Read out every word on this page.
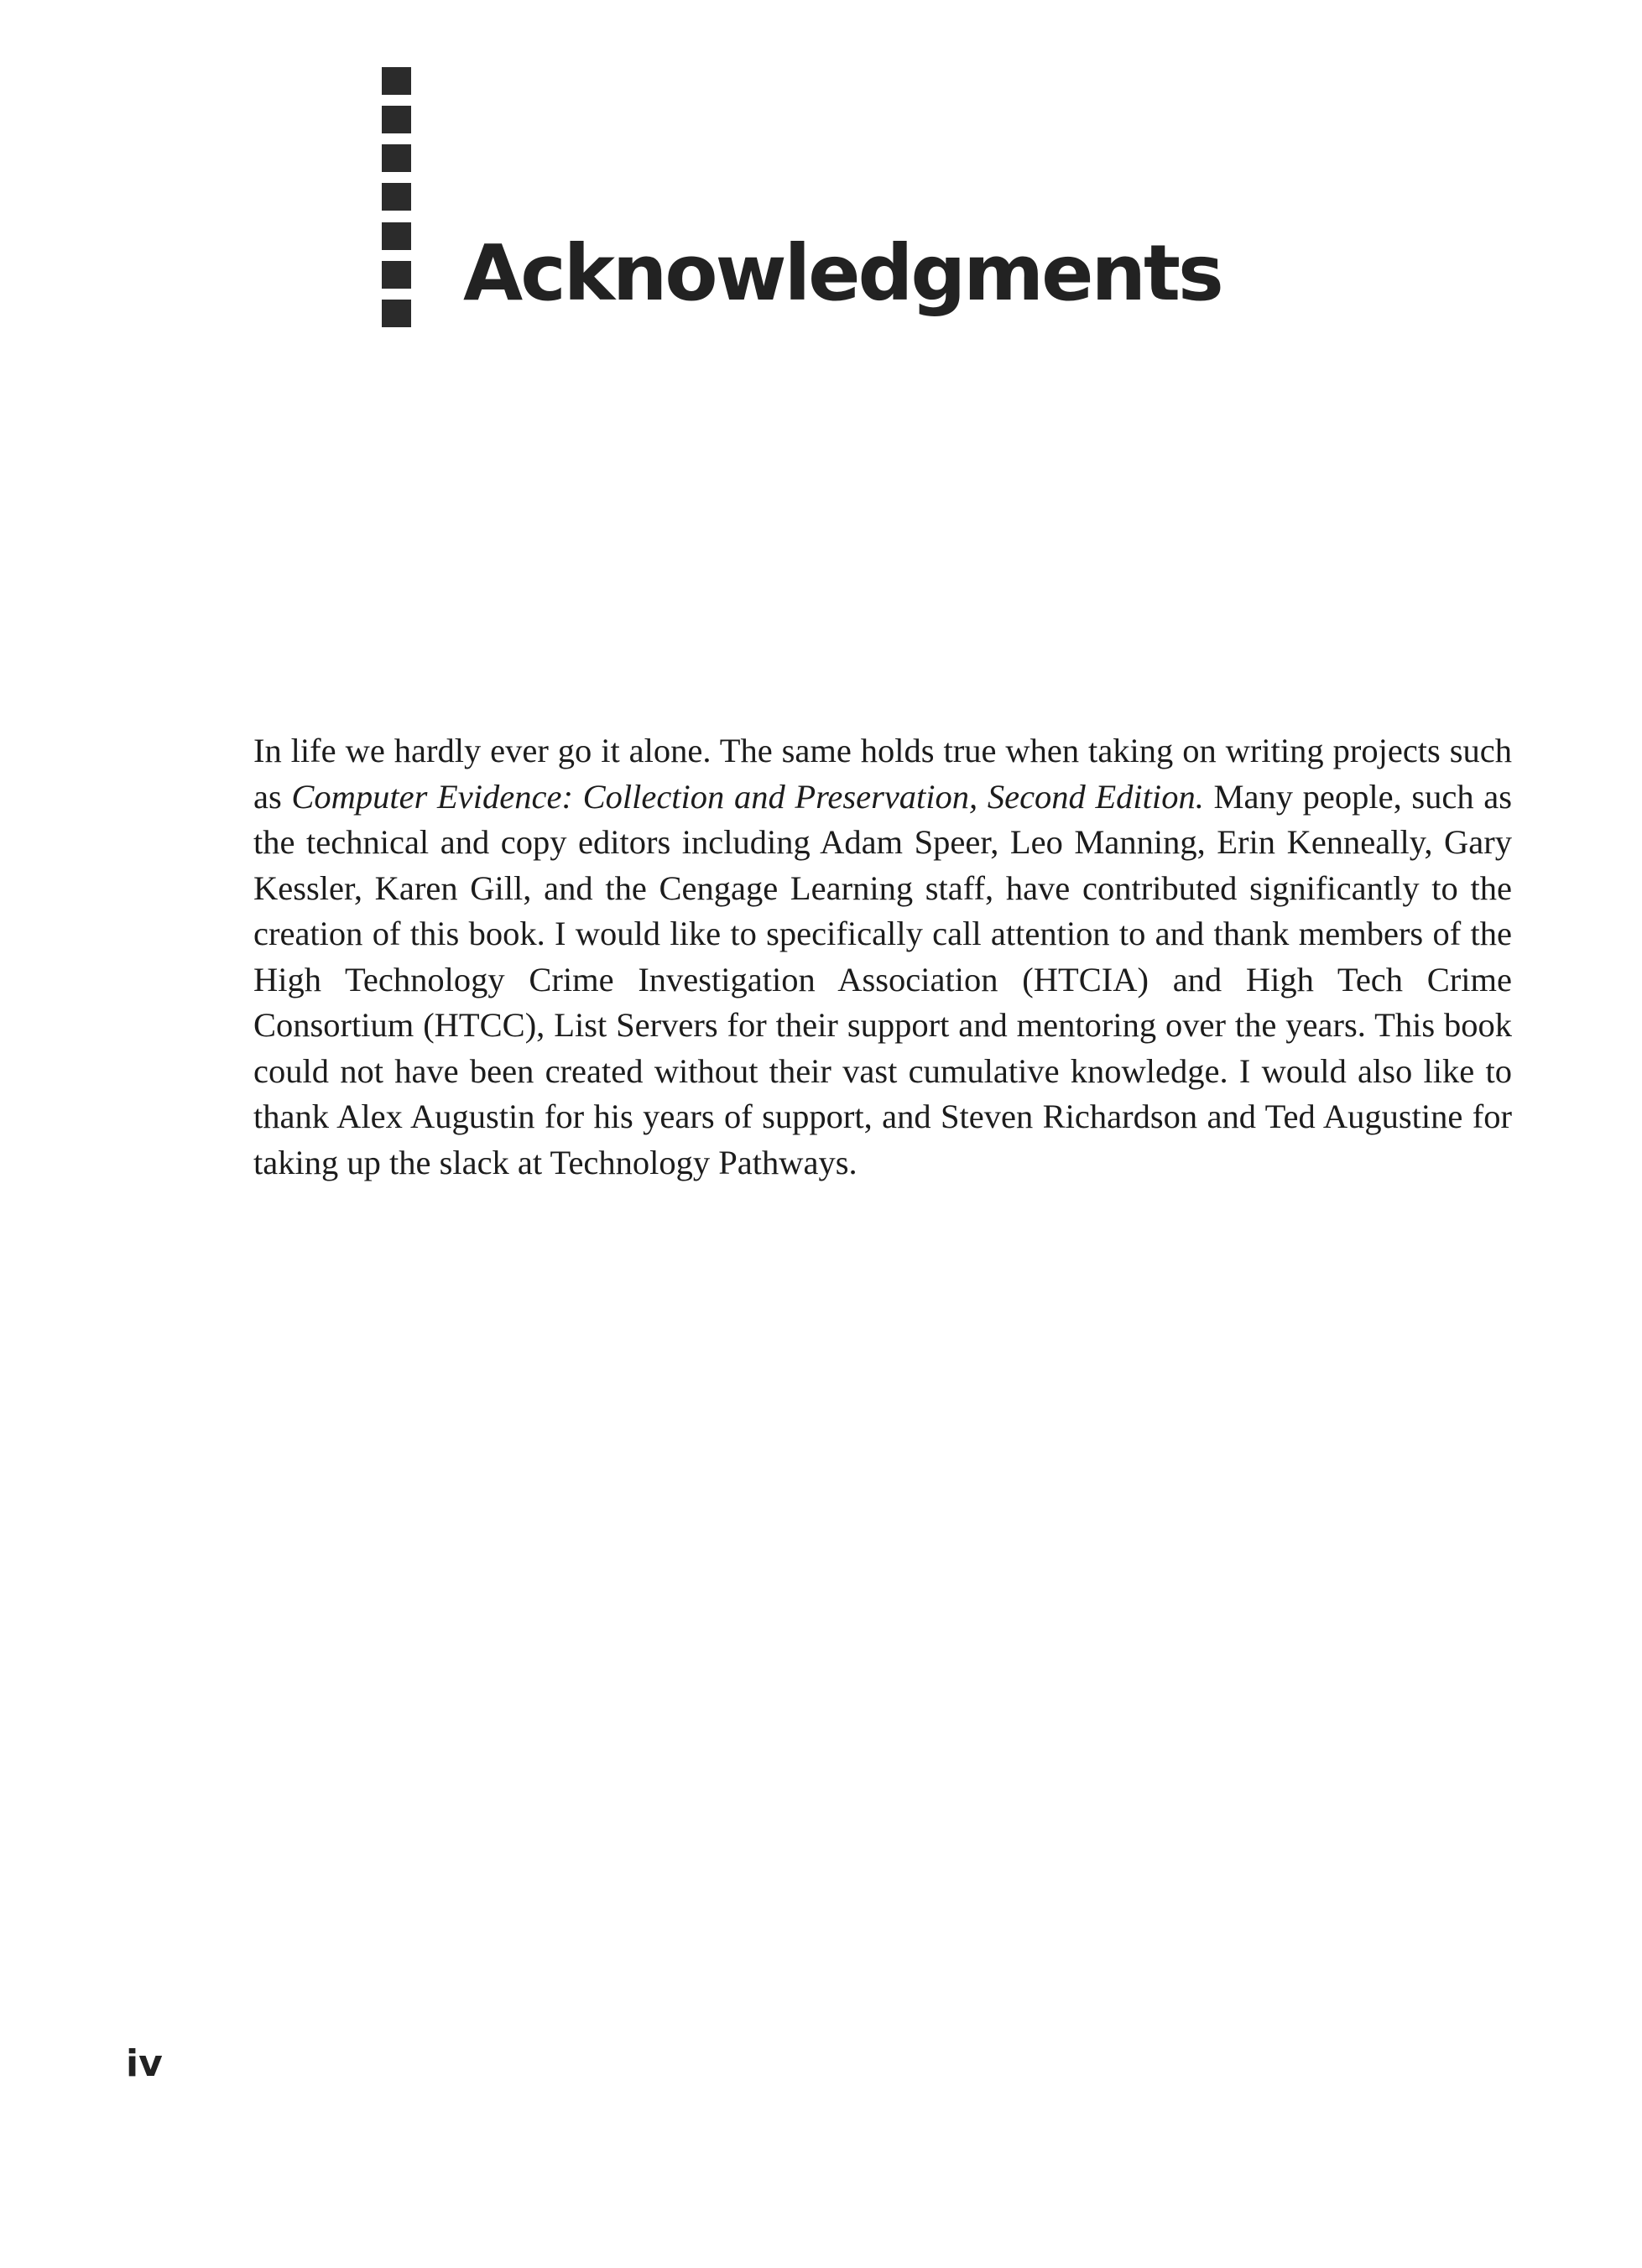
Acknowledgments

In life we hardly ever go it alone. The same holds true when taking on writing projects such as Computer Evidence: Collection and Preservation, Second Edition. Many people, such as the technical and copy editors including Adam Speer, Leo Manning, Erin Kenneally, Gary Kessler, Karen Gill, and the Cengage Learning staff, have contributed significantly to the creation of this book. I would like to specifically call attention to and thank members of the High Technology Crime Investigation Association (HTCIA) and High Tech Crime Consortium (HTCC), List Servers for their support and mentoring over the years. This book could not have been created without their vast cumulative knowledge. I would also like to thank Alex Augustin for his years of support, and Steven Richardson and Ted Augustine for taking up the slack at Technology Pathways.

iv
